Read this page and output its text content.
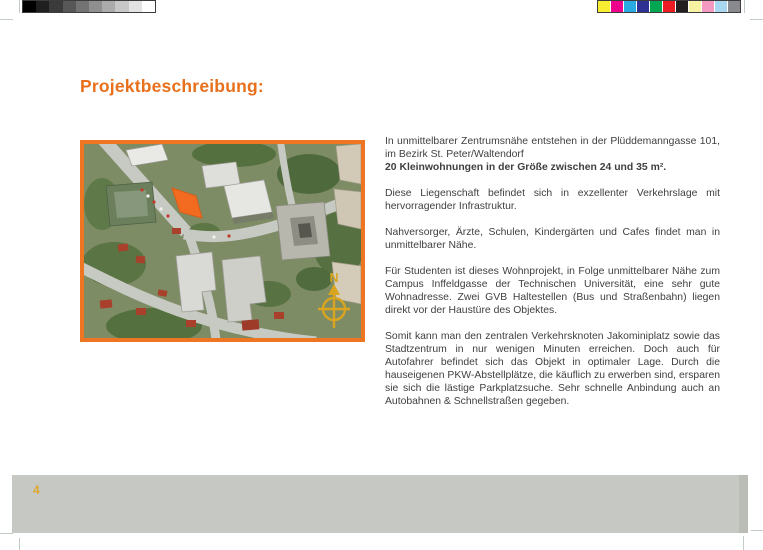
Projektbeschreibung:
N

In unmittelbarer Zentrumsnähe entstehen in der Plüddemanngasse 101, im Bezirk St. Peter/Waltendorf
20 Kleinwohnungen in der Größe zwischen 24 und 35 m².

Diese Liegenschaft befindet sich in exzellenter Verkehrslage mit hervorragender Infrastruktur.

Nahversorger, Ärzte, Schulen, Kindergärten und Cafes findet man in unmittelbarer Nähe.

Für Studenten ist dieses Wohnprojekt, in Folge unmittelbarer Nähe zum Campus Inffeldgasse der Technischen Universität, eine sehr gute Wohnadresse. Zwei GVB Haltestellen (Bus und Straßenbahn) liegen direkt vor der Haustüre des Objektes.

Somit kann man den zentralen Verkehrsknoten Jakominiplatz sowie das Stadtzentrum in nur wenigen Minuten erreichen. Doch auch für Autofahrer befindet sich das Objekt in optimaler Lage. Durch die hauseigenen PKW-Abstellplätze, die käuflich zu erwerben sind, ersparen sie sich die lästige Parkplatzsuche. Sehr schnelle Anbindung auch an Autobahnen & Schnellstraßen gegeben.

4
